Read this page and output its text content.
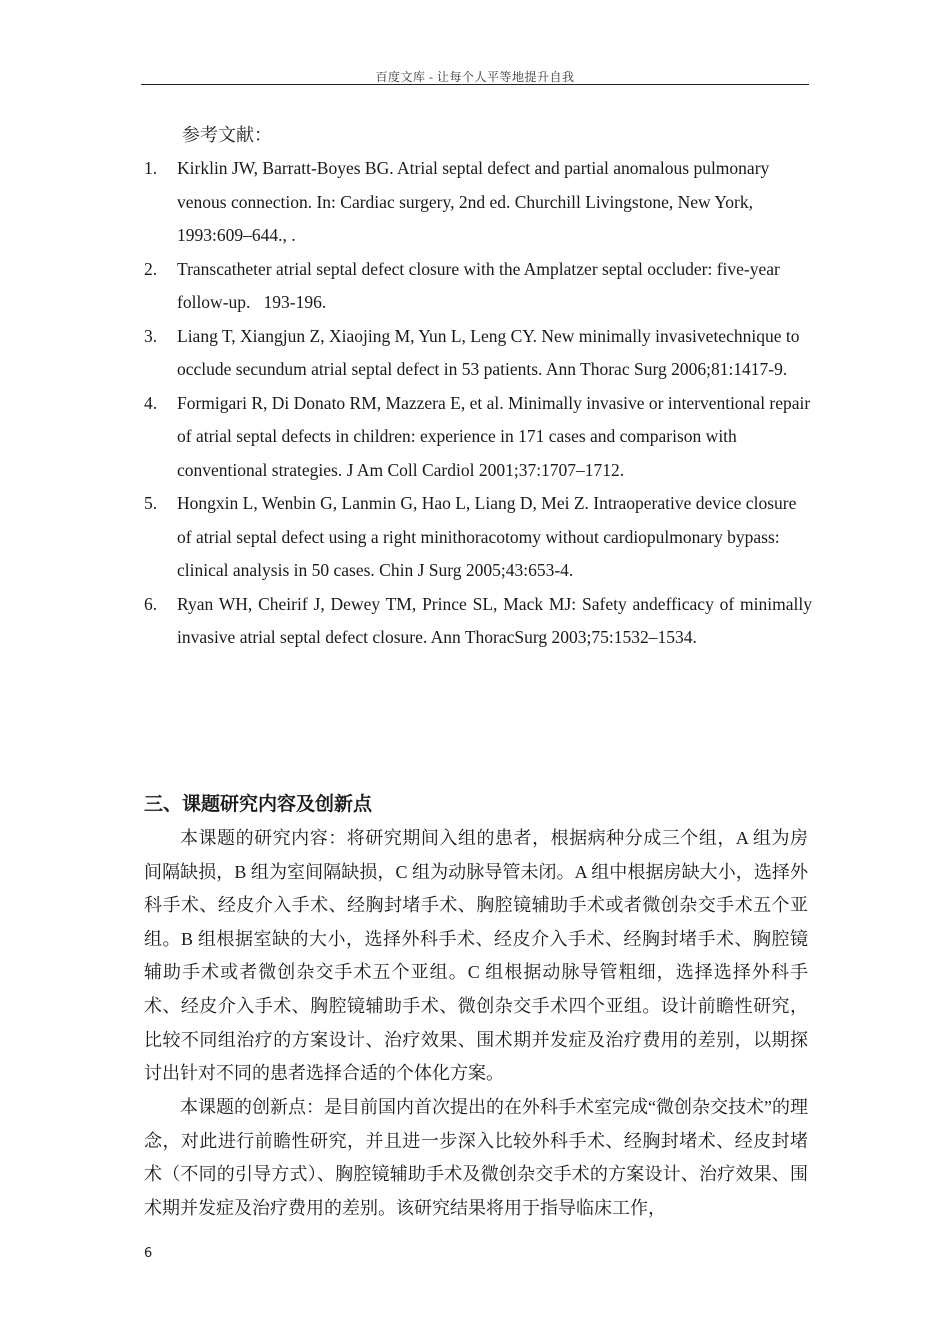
百度文库 - 让每个人平等地提升自我
参考文献：
1. Kirklin JW, Barratt-Boyes BG. Atrial septal defect and partial anomalous pulmonary venous connection. In: Cardiac surgery, 2nd ed. Churchill Livingstone, New York, 1993:609–644., .
2. Transcatheter atrial septal defect closure with the Amplatzer septal occluder: five-year follow-up.   193-196.
3. Liang T, Xiangjun Z, Xiaojing M, Yun L, Leng CY. New minimally invasivetechnique to occlude secundum atrial septal defect in 53 patients. Ann Thorac Surg 2006;81:1417-9.
4. Formigari R, Di Donato RM, Mazzera E, et al. Minimally invasive or interventional repair of atrial septal defects in children: experience in 171 cases and comparison with conventional strategies. J Am Coll Cardiol 2001;37:1707–1712.
5. Hongxin L, Wenbin G, Lanmin G, Hao L, Liang D, Mei Z. Intraoperative device closure of atrial septal defect using a right minithoracotomy without cardiopulmonary bypass: clinical analysis in 50 cases. Chin J Surg 2005;43:653-4.
6. Ryan WH, Cheirif J, Dewey TM, Prince SL, Mack MJ: Safety andefficacy of minimally invasive atrial septal defect closure. Ann ThoracSurg 2003;75:1532–1534.
三、课题研究内容及创新点

本课题的研究内容：将研究期间入组的患者，根据病种分成三个组，A 组为房间隔缺损，B 组为室间隔缺损，C 组为动脉导管未闭。A 组中根据房缺大小，选择外科手术、经皮介入手术、经胸封堵手术、胸腔镜辅助手术或者微创杂交手术五个亚组。B 组根据室缺的大小，选择外科手术、经皮介入手术、经胸封堵手术、胸腔镜辅助手术或者微创杂交手术五个亚组。C 组根据动脉导管粗细，选择选择外科手术、经皮介入手术、胸腔镜辅助手术、微创杂交手术四个亚组。设计前瞻性研究，比较不同组治疗的方案设计、治疗效果、围术期并发症及治疗费用的差别，以期探讨出针对不同的患者选择合适的个体化方案。

本课题的创新点：是目前国内首次提出的在外科手术室完成“微创杂交技术”的理念，对此进行前瞻性研究，并且进一步深入比较外科手术、经胸封堵术、经皮封堵术（不同的引导方式）、胸腔镜辅助手术及微创杂交手术的方案设计、治疗效果、围术期并发症及治疗费用的差别。该研究结果将用于指导临床工作，

6
